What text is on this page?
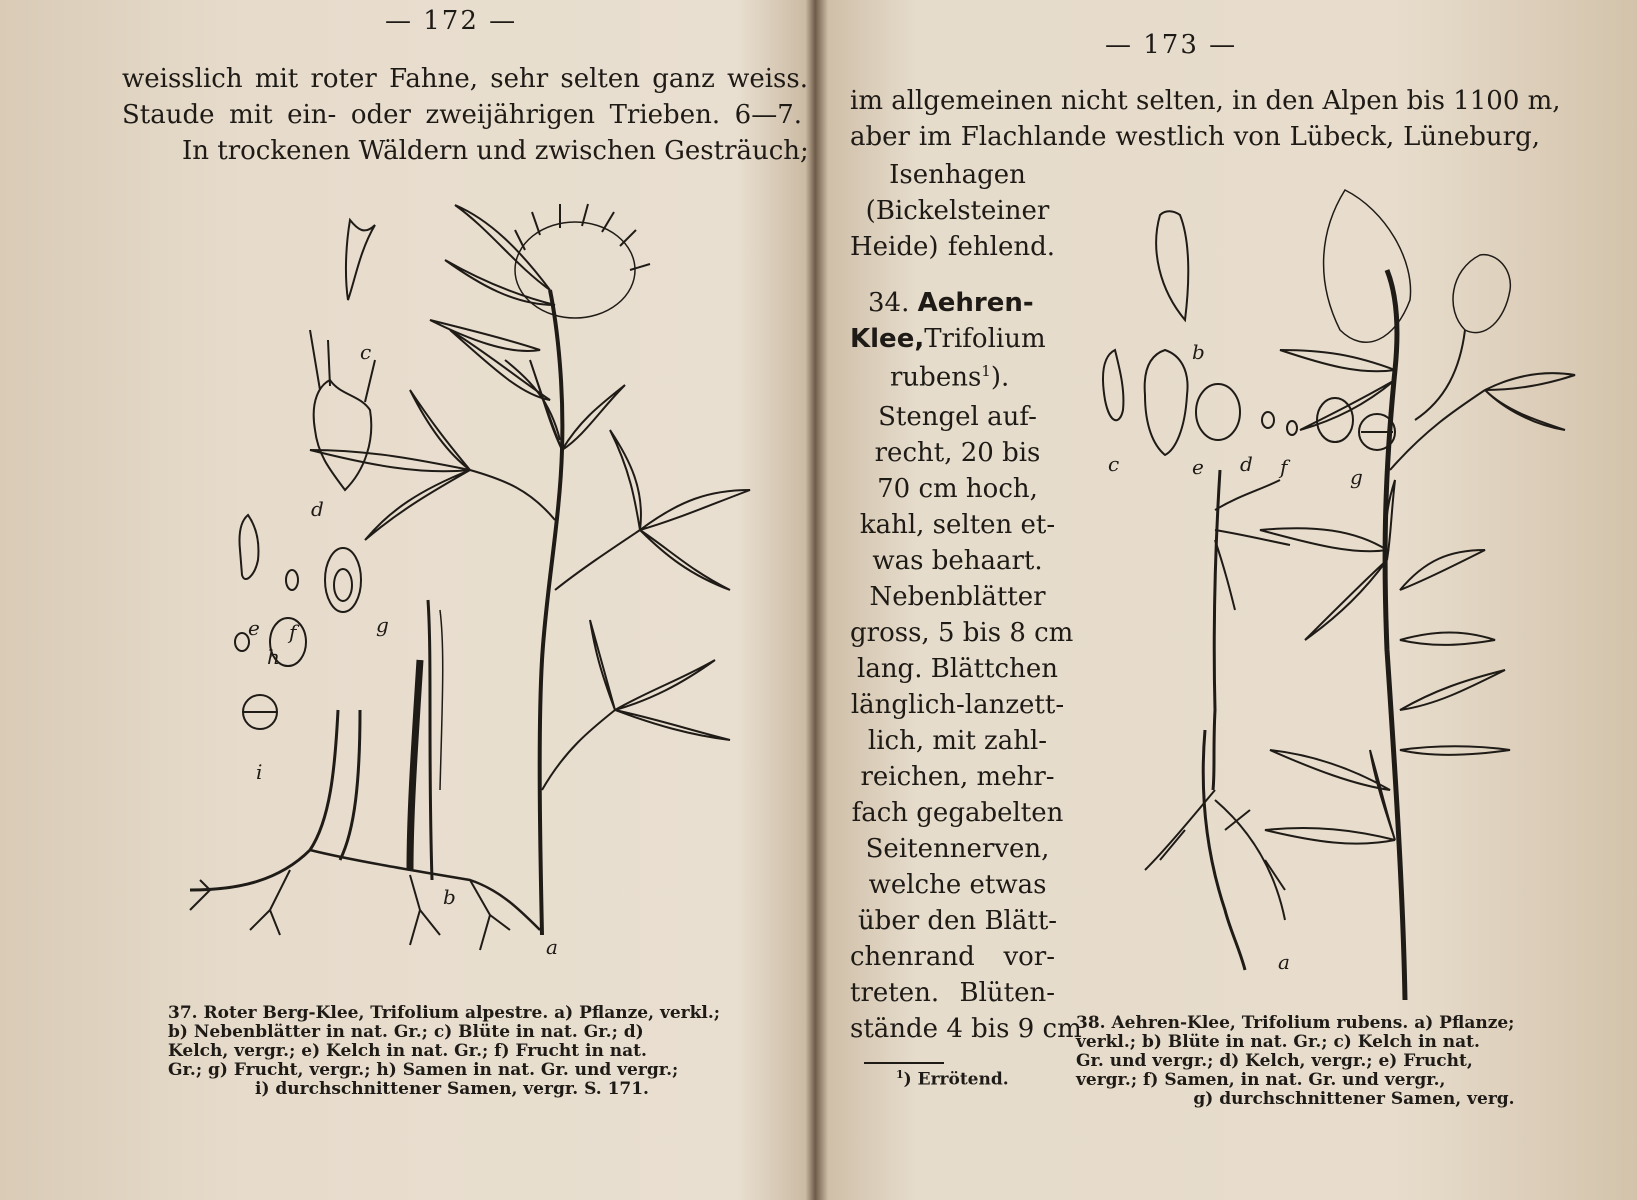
— 172 —
weisslich mit roter Fahne, sehr selten ganz weiss.
Staude mit ein- oder zweijährigen Trieben. 6—7.
In trockenen Wäldern und zwischen Gesträuch;
a
b
c
d
e f	g
h
i
37. Roter Berg-Klee, Trifolium alpestre. a) Pflanze, verkl.;
b) Nebenblätter in nat. Gr.; c) Blüte in nat. Gr.; d)
Kelch, vergr.; e) Kelch in nat. Gr.; f) Frucht in nat.
Gr.; g) Frucht, vergr.; h) Samen in nat. Gr. und vergr.;
i) durchschnittener Samen, vergr. S. 171.
— 173 —
im allgemeinen nicht selten, in den Alpen bis 1100 m,
aber im Flachlande westlich von Lübeck, Lüneburg,
Isenhagen
(Bickelsteiner
Heide) fehlend.
34. Aehren-
Klee,Trifolium
rubens$^1$).
Stengel auf-
recht, 20 bis
70 cm hoch,
kahl, selten et-
was behaart.
Nebenblätter
gross, 5 bis 8 cm
lang. Blättchen
länglich-lanzett-
lich, mit zahl-
reichen, mehr-
fach gegabelten
Seitennerven,
welche etwas
über den Blätt-
chenrand vor-
treten. Blüten-
stände 4 bis 9 cm
$^1$) Errötend.
a
b
c	e d f	g
38. Aehren-Klee, Trifolium rubens. a) Pflanze;
verkl.; b) Blüte in nat. Gr.; c) Kelch in nat.
Gr. und vergr.; d) Kelch, vergr.; e) Frucht,
vergr.; f) Samen, in nat. Gr. und vergr.,
g) durchschnittener Samen, verg.
